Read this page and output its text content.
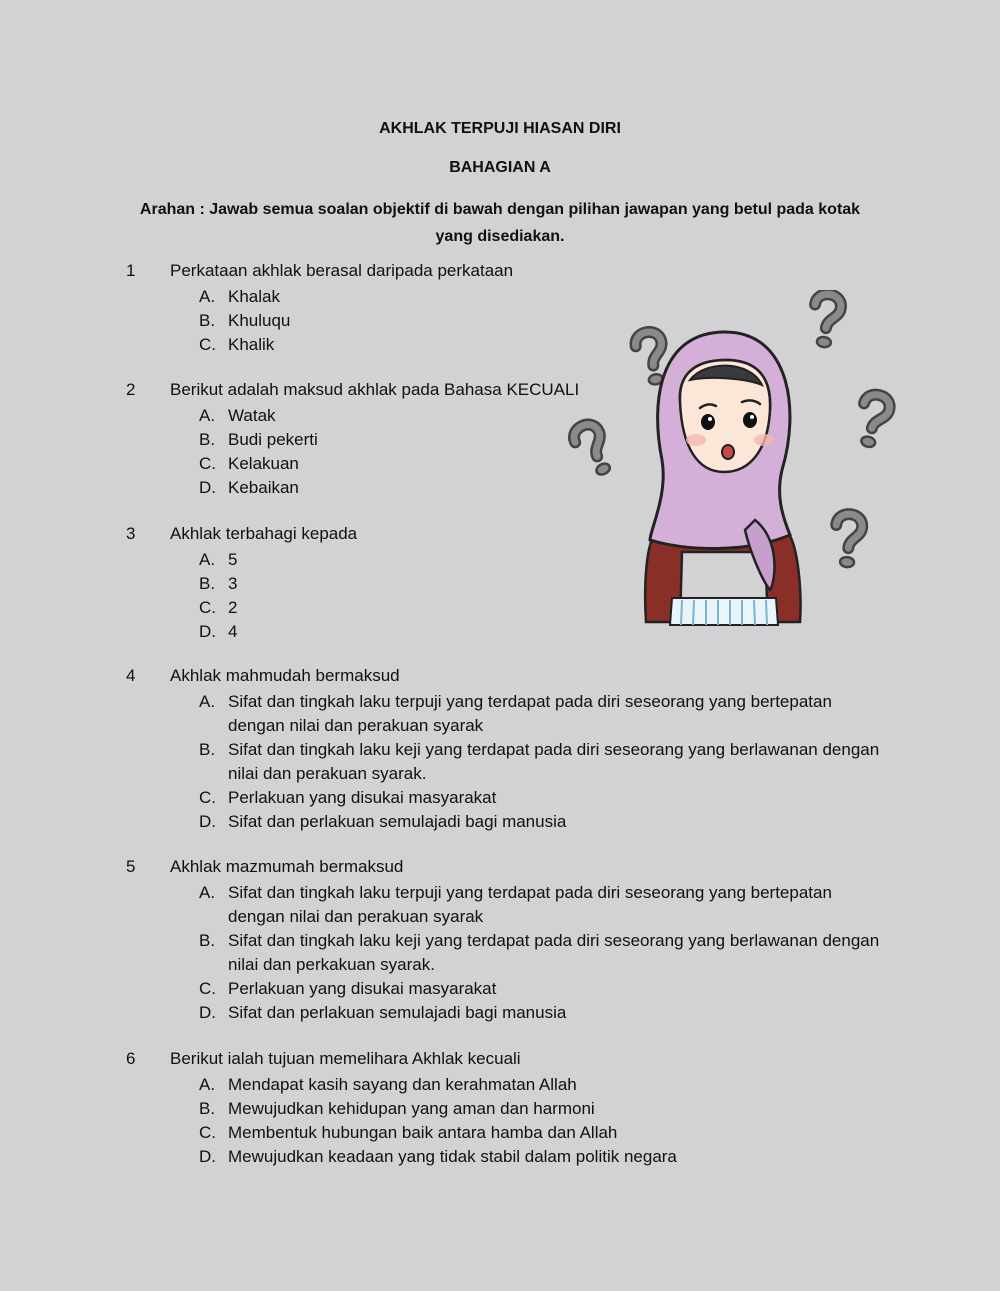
AKHLAK TERPUJI HIASAN DIRI
BAHAGIAN A
Arahan : Jawab semua soalan objektif di bawah dengan pilihan jawapan yang betul pada kotak yang disediakan.
1 Perkataan akhlak berasal daripada perkataan
A. Khalak
B. Khuluqu
C. Khalik
2 Berikut adalah maksud akhlak pada Bahasa KECUALI
A. Watak
B. Budi pekerti
C. Kelakuan
D. Kebaikan
3 Akhlak terbahagi kepada
A. 5
B. 3
C. 2
D. 4
4 Akhlak mahmudah bermaksud
A. Sifat dan tingkah laku terpuji yang terdapat pada diri seseorang yang bertepatan dengan nilai dan perakuan syarak
B. Sifat dan tingkah laku keji yang terdapat pada diri seseorang yang berlawanan dengan nilai dan perakuan syarak.
C. Perlakuan yang disukai masyarakat
D. Sifat dan perlakuan semulajadi bagi manusia
5 Akhlak mazmumah bermaksud
A. Sifat dan tingkah laku terpuji yang terdapat pada diri seseorang yang bertepatan dengan nilai dan perakuan syarak
B. Sifat dan tingkah laku keji yang terdapat pada diri seseorang yang berlawanan dengan nilai dan perkakuan syarak.
C. Perlakuan yang disukai masyarakat
D. Sifat dan perlakuan semulajadi bagi manusia
6 Berikut ialah tujuan memelihara Akhlak kecuali
A. Mendapat kasih sayang dan kerahmatan Allah
B. Mewujudkan kehidupan yang aman dan harmoni
C. Membentuk hubungan baik antara hamba dan Allah
D. Mewujudkan keadaan yang tidak stabil dalam politik negara
